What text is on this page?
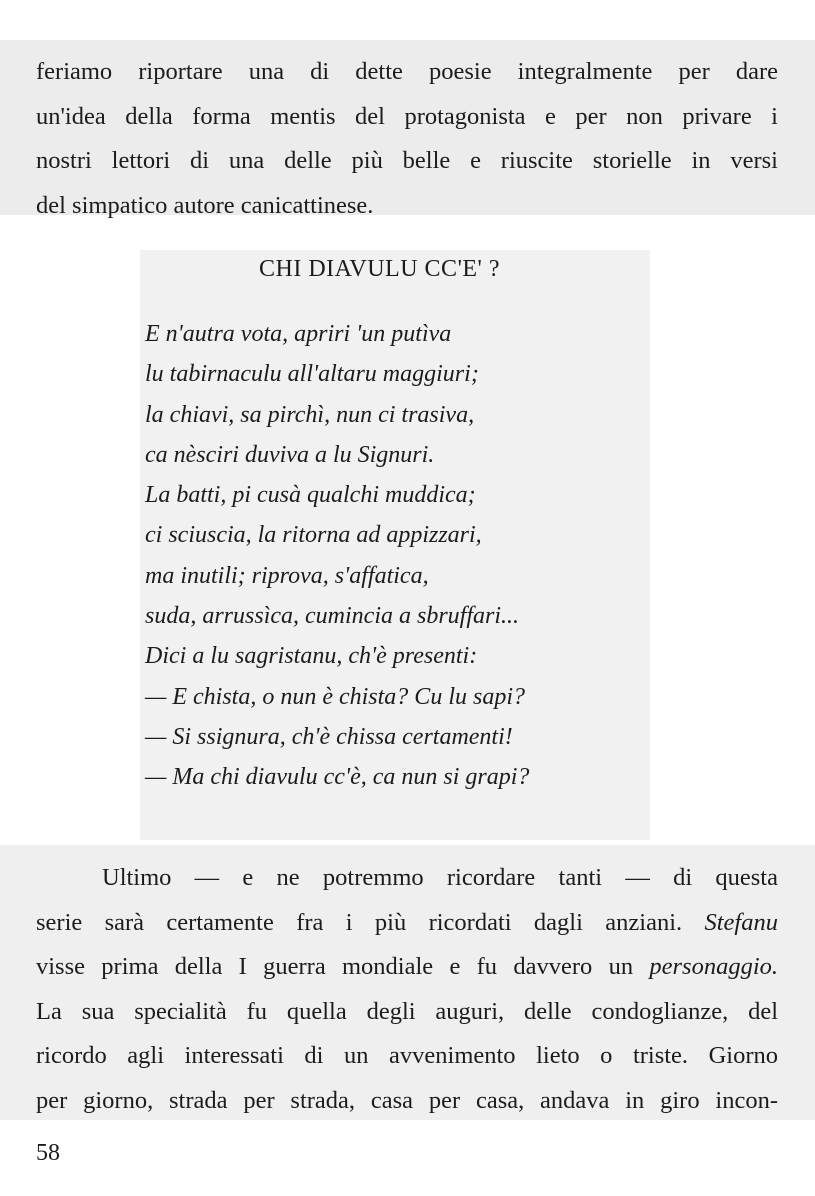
feriamo riportare una di dette poesie integralmente per dare
un'idea della forma mentis del protagonista e per non privare i
nostri lettori di una delle più belle e riuscite storielle in versi
del simpatico autore canicattinese.
CHI DIAVULU CC'E' ?
E n'autra vota, apriri 'un putìva
lu tabirnaculu all'altaru maggiuri;
la chiavi, sa pirchì, nun ci trasiva,
ca nèsciri duviva a lu Signuri.
La batti, pi cusà qualchi muddica;
ci sciuscia, la ritorna ad appizzari,
ma inutili; riprova, s'affatica,
suda, arrussìca, cumincia a sbruffari...
Dici a lu sagristanu, ch'è presenti:
— E chista, o nun è chista? Cu lu sapi?
— Si ssignura, ch'è chissa certamenti!
— Ma chi diavulu cc'è, ca nun si grapi?
Ultimo — e ne potremmo ricordare tanti — di questa
serie sarà certamente fra i più ricordati dagli anziani. Stefanu
visse prima della I guerra mondiale e fu davvero un personaggio.
La sua specialità fu quella degli auguri, delle condoglianze, del
ricordo agli interessati di un avvenimento lieto o triste. Giorno
per giorno, strada per strada, casa per casa, andava in giro incon-
58
